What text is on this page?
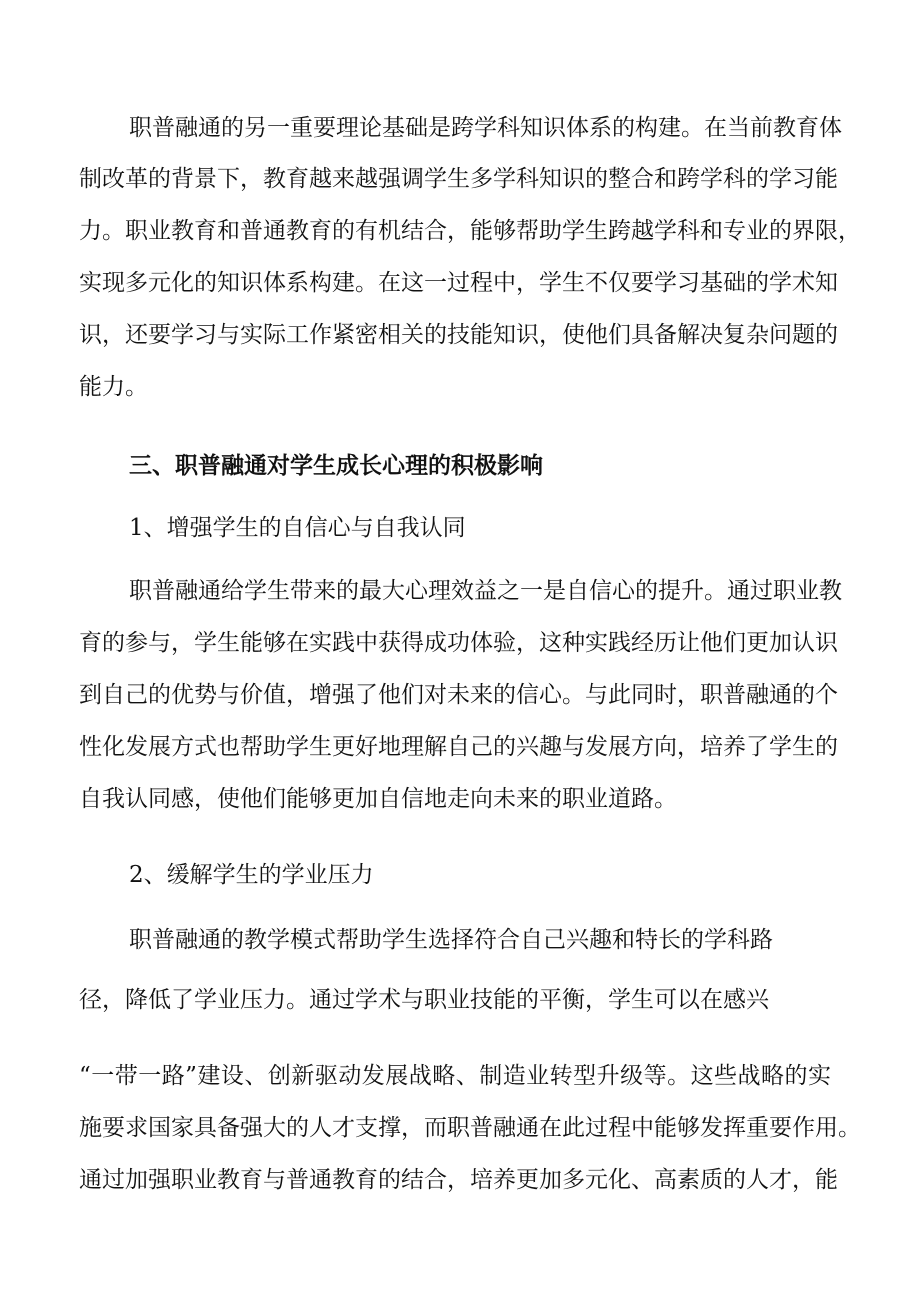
职普融通的另一重要理论基础是跨学科知识体系的构建。在当前教育体
制改革的背景下，教育越来越强调学生多学科知识的整合和跨学科的学习能
力。职业教育和普通教育的有机结合，能够帮助学生跨越学科和专业的界限，
实现多元化的知识体系构建。在这一过程中，学生不仅要学习基础的学术知
识，还要学习与实际工作紧密相关的技能知识，使他们具备解决复杂问题的
能力。
三、职普融通对学生成长心理的积极影响
1、增强学生的自信心与自我认同
职普融通给学生带来的最大心理效益之一是自信心的提升。通过职业教
育的参与，学生能够在实践中获得成功体验，这种实践经历让他们更加认识
到自己的优势与价值，增强了他们对未来的信心。与此同时，职普融通的个
性化发展方式也帮助学生更好地理解自己的兴趣与发展方向，培养了学生的
自我认同感，使他们能够更加自信地走向未来的职业道路。
2、缓解学生的学业压力
职普融通的教学模式帮助学生选择符合自己兴趣和特长的学科路
径，降低了学业压力。通过学术与职业技能的平衡，学生可以在感兴
“一带一路”建设、创新驱动发展战略、制造业转型升级等。这些战略的实
施要求国家具备强大的人才支撑，而职普融通在此过程中能够发挥重要作用。
通过加强职业教育与普通教育的结合，培养更加多元化、高素质的人才，能
